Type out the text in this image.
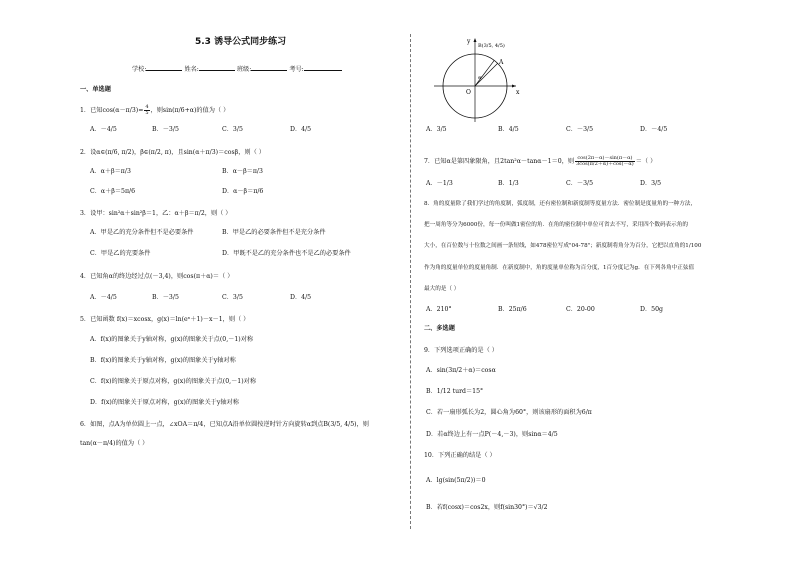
5.3 诱导公式同步练习
学校:	姓名:	班级:	考号:
一、单选题
1．已知$\cos(\alpha-\pi/3)= \frac{4}{5}$ ，则sin(π/6+α)的值为（ ）
A．－4/5	B．－3/5	C．3/5	D．4/5
2．设α∈(π/6, π/2)，β∈(π/2, π)，且sin(α＋π/3)＝cosβ，则（ ）
A．α＋β＝π/3	B．α－β＝π/3
C．α＋β＝5π/6	D．α－β＝π/6
3．设甲：sin²α＋sin²β＝1，乙：α＋β＝π/2，则（ ）
A．甲是乙的充分条件但不是必要条件	B．甲是乙的必要条件但不是充分条件
C．甲是乙的充要条件	D．甲既不是乙的充分条件也不是乙的必要条件
4．已知角α的终边经过点(－3,4)，则cos(π＋α)＝（ ）
A．－4/5	B．－3/5	C．3/5	D．4/5
5．已知函数 f(x)＝xcosx，g(x)＝ln(eˣ＋1)－x－1，则（ ）
A．f(x)的图象关于y轴对称，g(x)的图象关于点(0,－1)对称
B．f(x)的图象关于y轴对称，g(x)的图象关于y轴对称
C．f(x)的图象关于原点对称，g(x)的图象关于点(0,－1)对称
D．f(x)的图象关于原点对称，g(x)的图象关于y轴对称
6．如图，点A为单位圆上一点，∠xOA＝π/4，已知点A沿单位圆按逆时针方向旋转α到点B(3/5, 4/5)，则
tan(α－π/4)的值为（ ）
x
y
O
A
B(3/5, 4/5)
α
A．3/5	B．4/5	C．－3/5	D．－4/5
7．已知α是第四象限角，且2tan²α－tanα－1＝0，则 $\frac{\cos(2\pi-\alpha)-\sin(\pi-\alpha)}{3\cos(\pi/2+\alpha)+\cos(-\alpha)}$ ＝（ ）
A．－1/3	B．1/3	C．－3/5	D．3/5
8．角的度量除了我们学过的角度制，弧度制，还有密位制和新度制等度量方法．密位制是度量角的一种方法，
把一周角等分为6000份，每一份叫做1密位的角．在角的密位制中单位可省去不写，采用四个数码表示角的
大小，在百位数与十位数之间画一条短线，如478密位写成"04-78"；新度制将角分为百分，它把以直角的1/100
作为角的度量单位的度量角制．在新度制中，角的度量单位称为百分度，1百分度记为g．在下列各角中正弦值
最大的是（ ）
A．210°	B．25π/6	C．20-00	D．50g
二、多选题
9．下列选项正确的是（ ）
A．sin(3π/2＋α)＝cosα
B．1/12 turd＝15°
C．若一扇形弧长为2，圆心角为60°，则该扇形的面积为6/π
D．若α终边上有一点P(－4,－3)，则sinα＝4/5
10．下列正确的结是（ ）
A．lg(sin(5π/2))＝0
B．若f(cosx)＝cos2x，则f(sin30°)＝√3/2
